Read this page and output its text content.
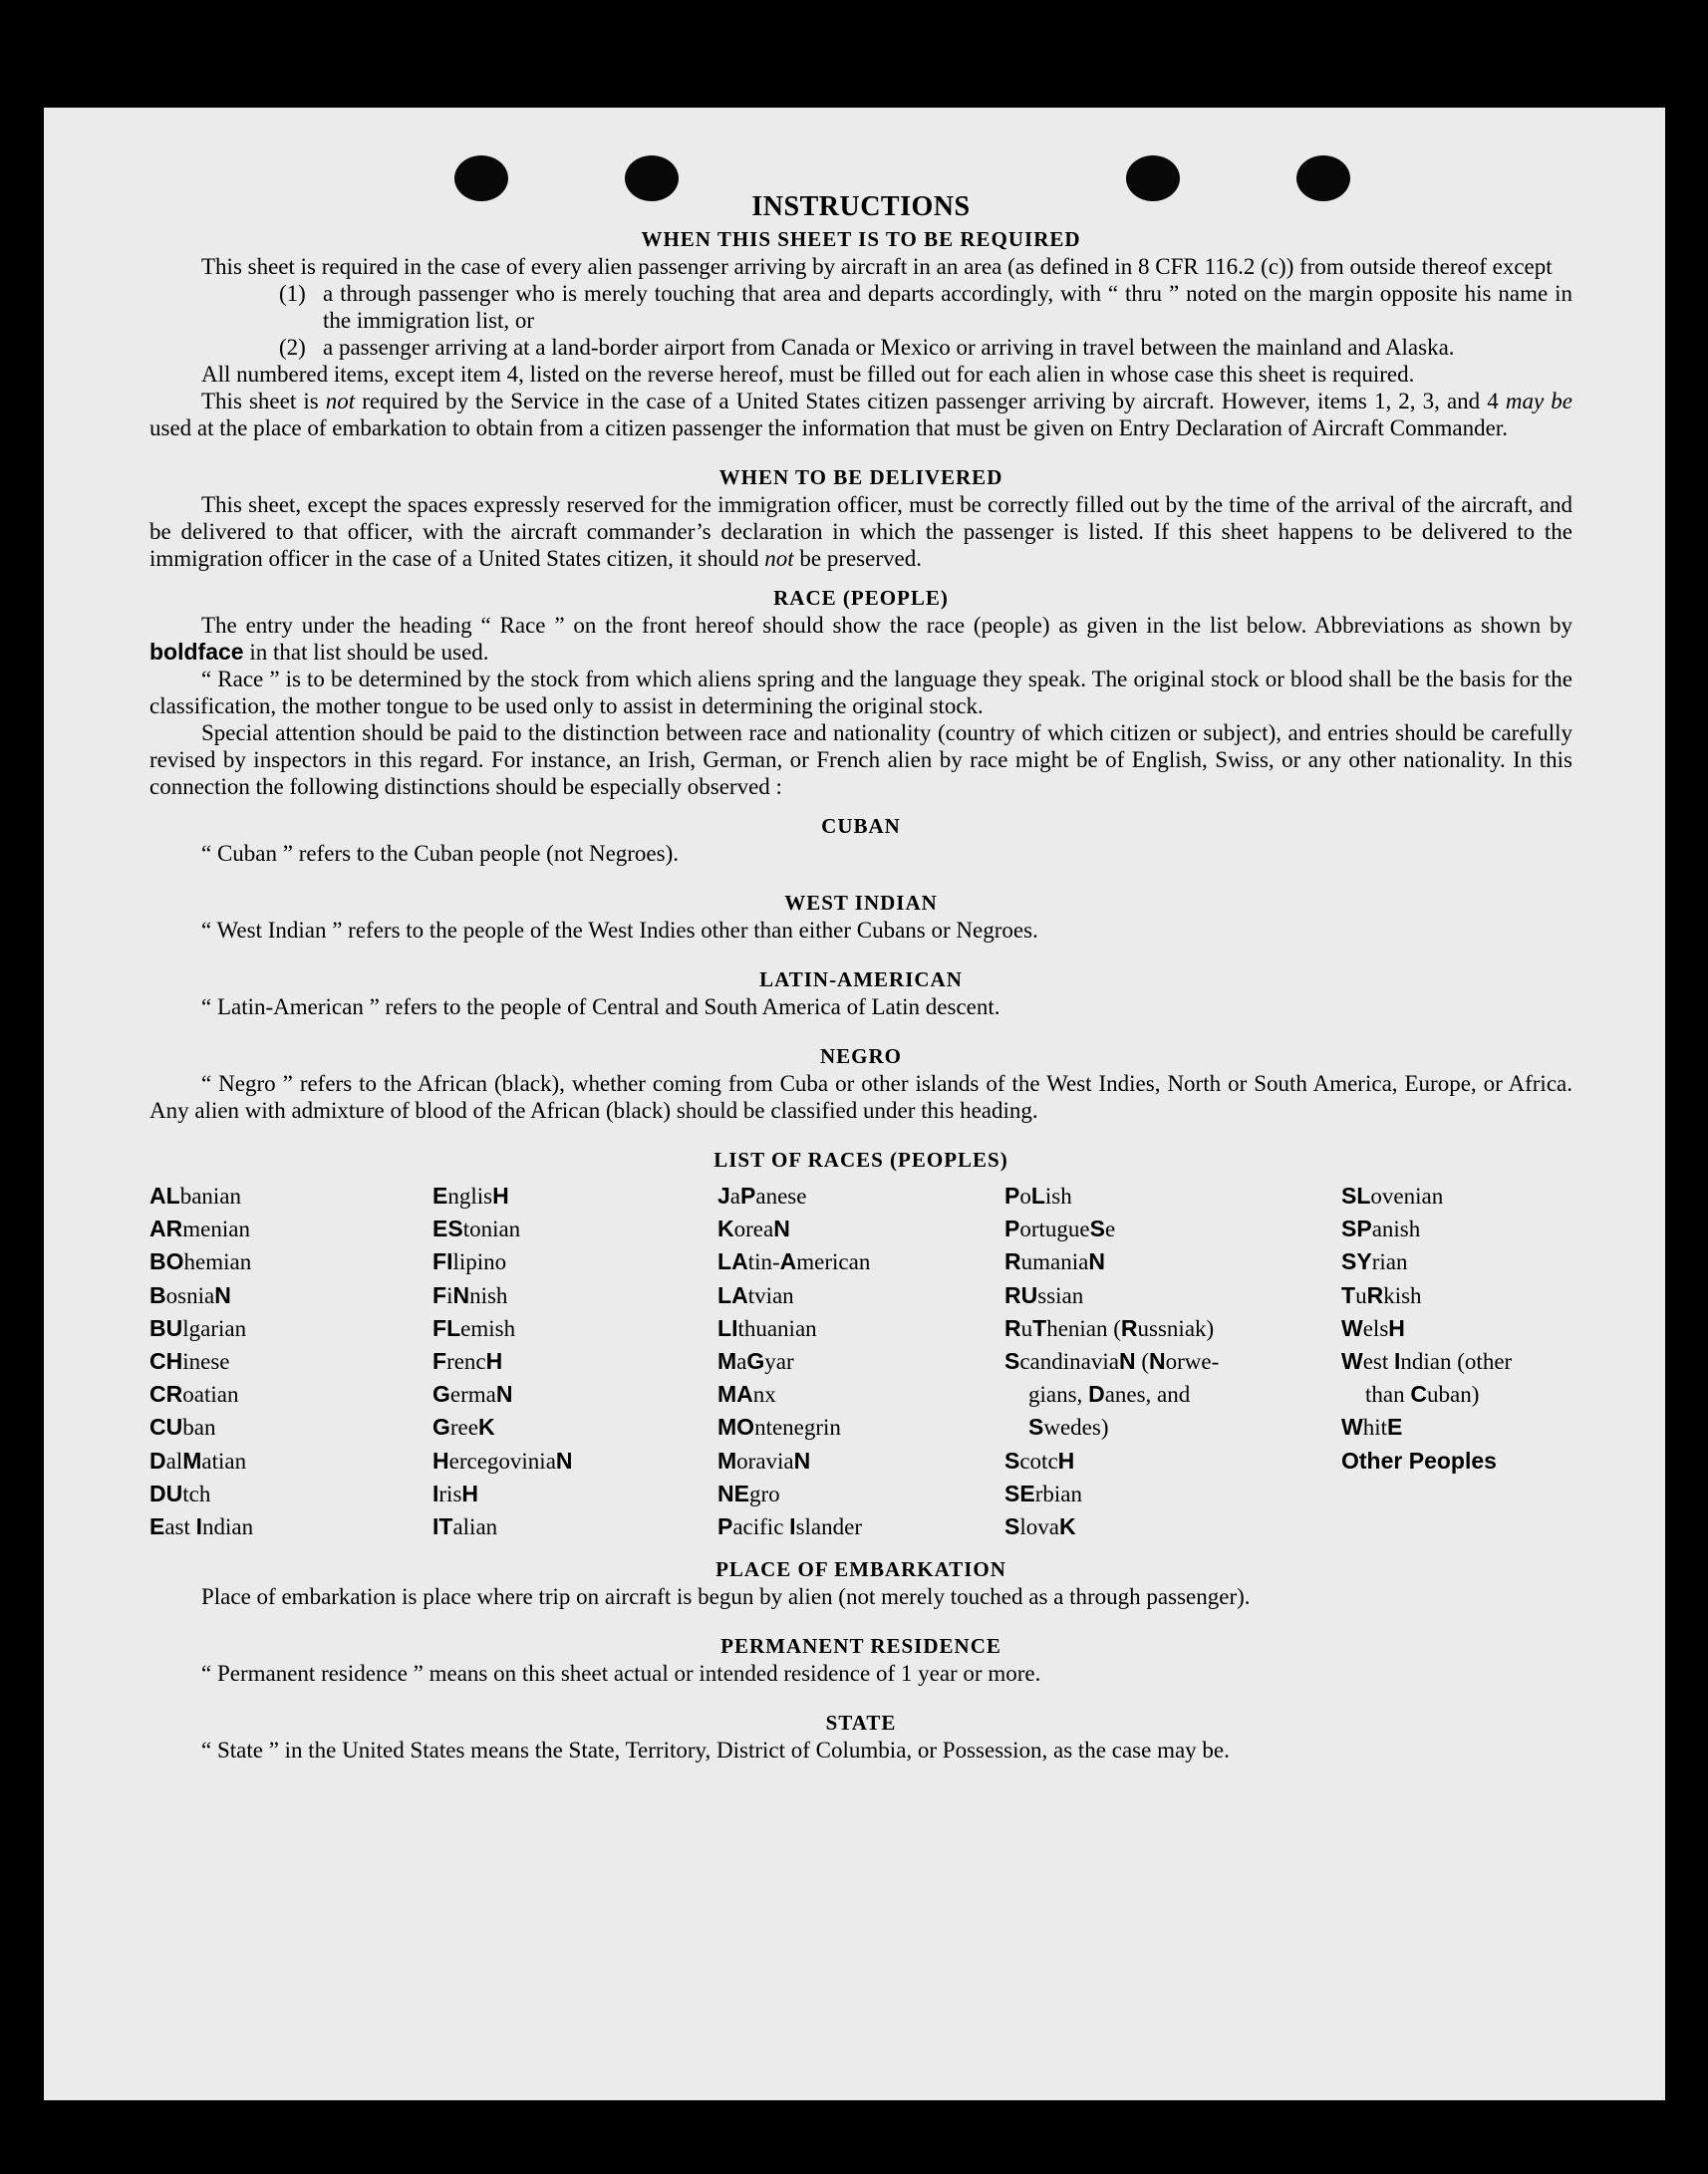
INSTRUCTIONS
WHEN THIS SHEET IS TO BE REQUIRED

This sheet is required in the case of every alien passenger arriving by aircraft in an area (as defined in 8 CFR 116.2 (c)) from outside thereof except

(1) a through passenger who is merely touching that area and departs accordingly, with “ thru ” noted on the margin opposite his name in the immigration list, or
(2) a passenger arriving at a land-border airport from Canada or Mexico or arriving in travel between the mainland and Alaska.

All numbered items, except item 4, listed on the reverse hereof, must be filled out for each alien in whose case this sheet is required.

This sheet is not required by the Service in the case of a United States citizen passenger arriving by aircraft. However, items 1, 2, 3, and 4 may be used at the place of embarkation to obtain from a citizen passenger the information that must be given on Entry Declaration of Aircraft Commander.

WHEN TO BE DELIVERED

This sheet, except the spaces expressly reserved for the immigration officer, must be correctly filled out by the time of the arrival of the aircraft, and be delivered to that officer, with the aircraft commander’s declaration in which the passenger is listed. If this sheet happens to be delivered to the immigration officer in the case of a United States citizen, it should not be preserved.

RACE (PEOPLE)

The entry under the heading “ Race ” on the front hereof should show the race (people) as given in the list below. Abbreviations as shown by boldface in that list should be used.

“ Race ” is to be determined by the stock from which aliens spring and the language they speak. The original stock or blood shall be the basis for the classification, the mother tongue to be used only to assist in determining the original stock.

Special attention should be paid to the distinction between race and nationality (country of which citizen or subject), and entries should be carefully revised by inspectors in this regard. For instance, an Irish, German, or French alien by race might be of English, Swiss, or any other nationality. In this connection the following distinctions should be especially observed :

CUBAN

“ Cuban ” refers to the Cuban people (not Negroes).

WEST INDIAN

“ West Indian ” refers to the people of the West Indies other than either Cubans or Negroes.

LATIN-AMERICAN

“ Latin-American ” refers to the people of Central and South America of Latin descent.

NEGRO

“ Negro ” refers to the African (black), whether coming from Cuba or other islands of the West Indies, North or South America, Europe, or Africa. Any alien with admixture of blood of the African (black) should be classified under this heading.

LIST OF RACES (PEOPLES)
ALbanian
ARmenian
BOhemian
BosniaN
BUlgarian
CHinese
CRoatian
CUban
DalMatian
DUtch
East Indian
EnglisH
EStonian
FIlipino
FiNnish
FLemish
FrencH
GermaN
GreeK
HercegoviniaN
IrisH
ITalian
JaPanese
KoreaN
LAtin-American
LAtvian
LIthuanian
MaGyar
MAnx
MOntenegrin
MoraviaN
NEgro
Pacific Islander
PoLish
PortugueSe
RumaniaN
RUssian
RuThenian (Russniak)
ScandinaviaN (Norwe-
gians, Danes, and
Swedes)
ScotcH
SErbian
SlovaK
SLovenian
SPanish
SYrian
TuRkish
WelsH
West Indian (other
than Cuban)
WhitE
Other Peoples
PLACE OF EMBARKATION

Place of embarkation is place where trip on aircraft is begun by alien (not merely touched as a through passenger).

PERMANENT RESIDENCE

“ Permanent residence ” means on this sheet actual or intended residence of 1 year or more.

STATE

“ State ” in the United States means the State, Territory, District of Columbia, or Possession, as the case may be.
